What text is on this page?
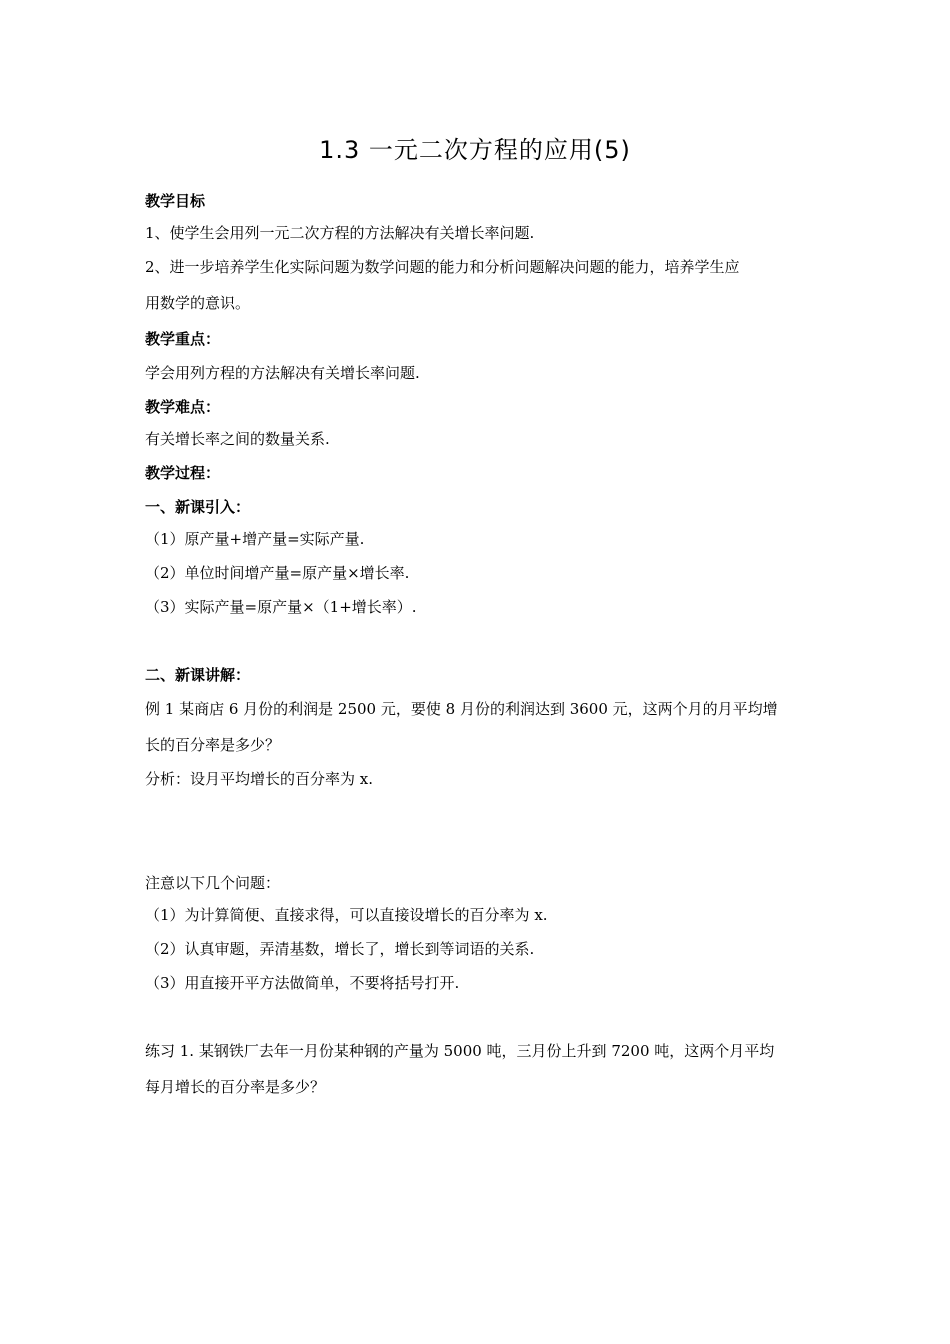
1.3 一元二次方程的应用(5)
教学目标
1、使学生会用列一元二次方程的方法解决有关增长率问题.
2、进一步培养学生化实际问题为数学问题的能力和分析问题解决问题的能力，培养学生应
用数学的意识。
教学重点：
学会用列方程的方法解决有关增长率问题.
教学难点：
有关增长率之间的数量关系.
教学过程：
一、新课引入：
（1）原产量+增产量=实际产量.
（2）单位时间增产量=原产量×增长率.
（3）实际产量=原产量×（1+增长率）.
二、新课讲解：
例 1 某商店 6 月份的利润是 2500 元，要使 8 月份的利润达到 3600 元，这两个月的月平均增
长的百分率是多少？
分析：设月平均增长的百分率为 x.
注意以下几个问题：
（1）为计算简便、直接求得，可以直接设增长的百分率为 x.
（2）认真审题，弄清基数，增长了，增长到等词语的关系.
（3）用直接开平方法做简单，不要将括号打开.
练习 1. 某钢铁厂去年一月份某种钢的产量为 5000 吨，三月份上升到 7200 吨，这两个月平均
每月增长的百分率是多少？
